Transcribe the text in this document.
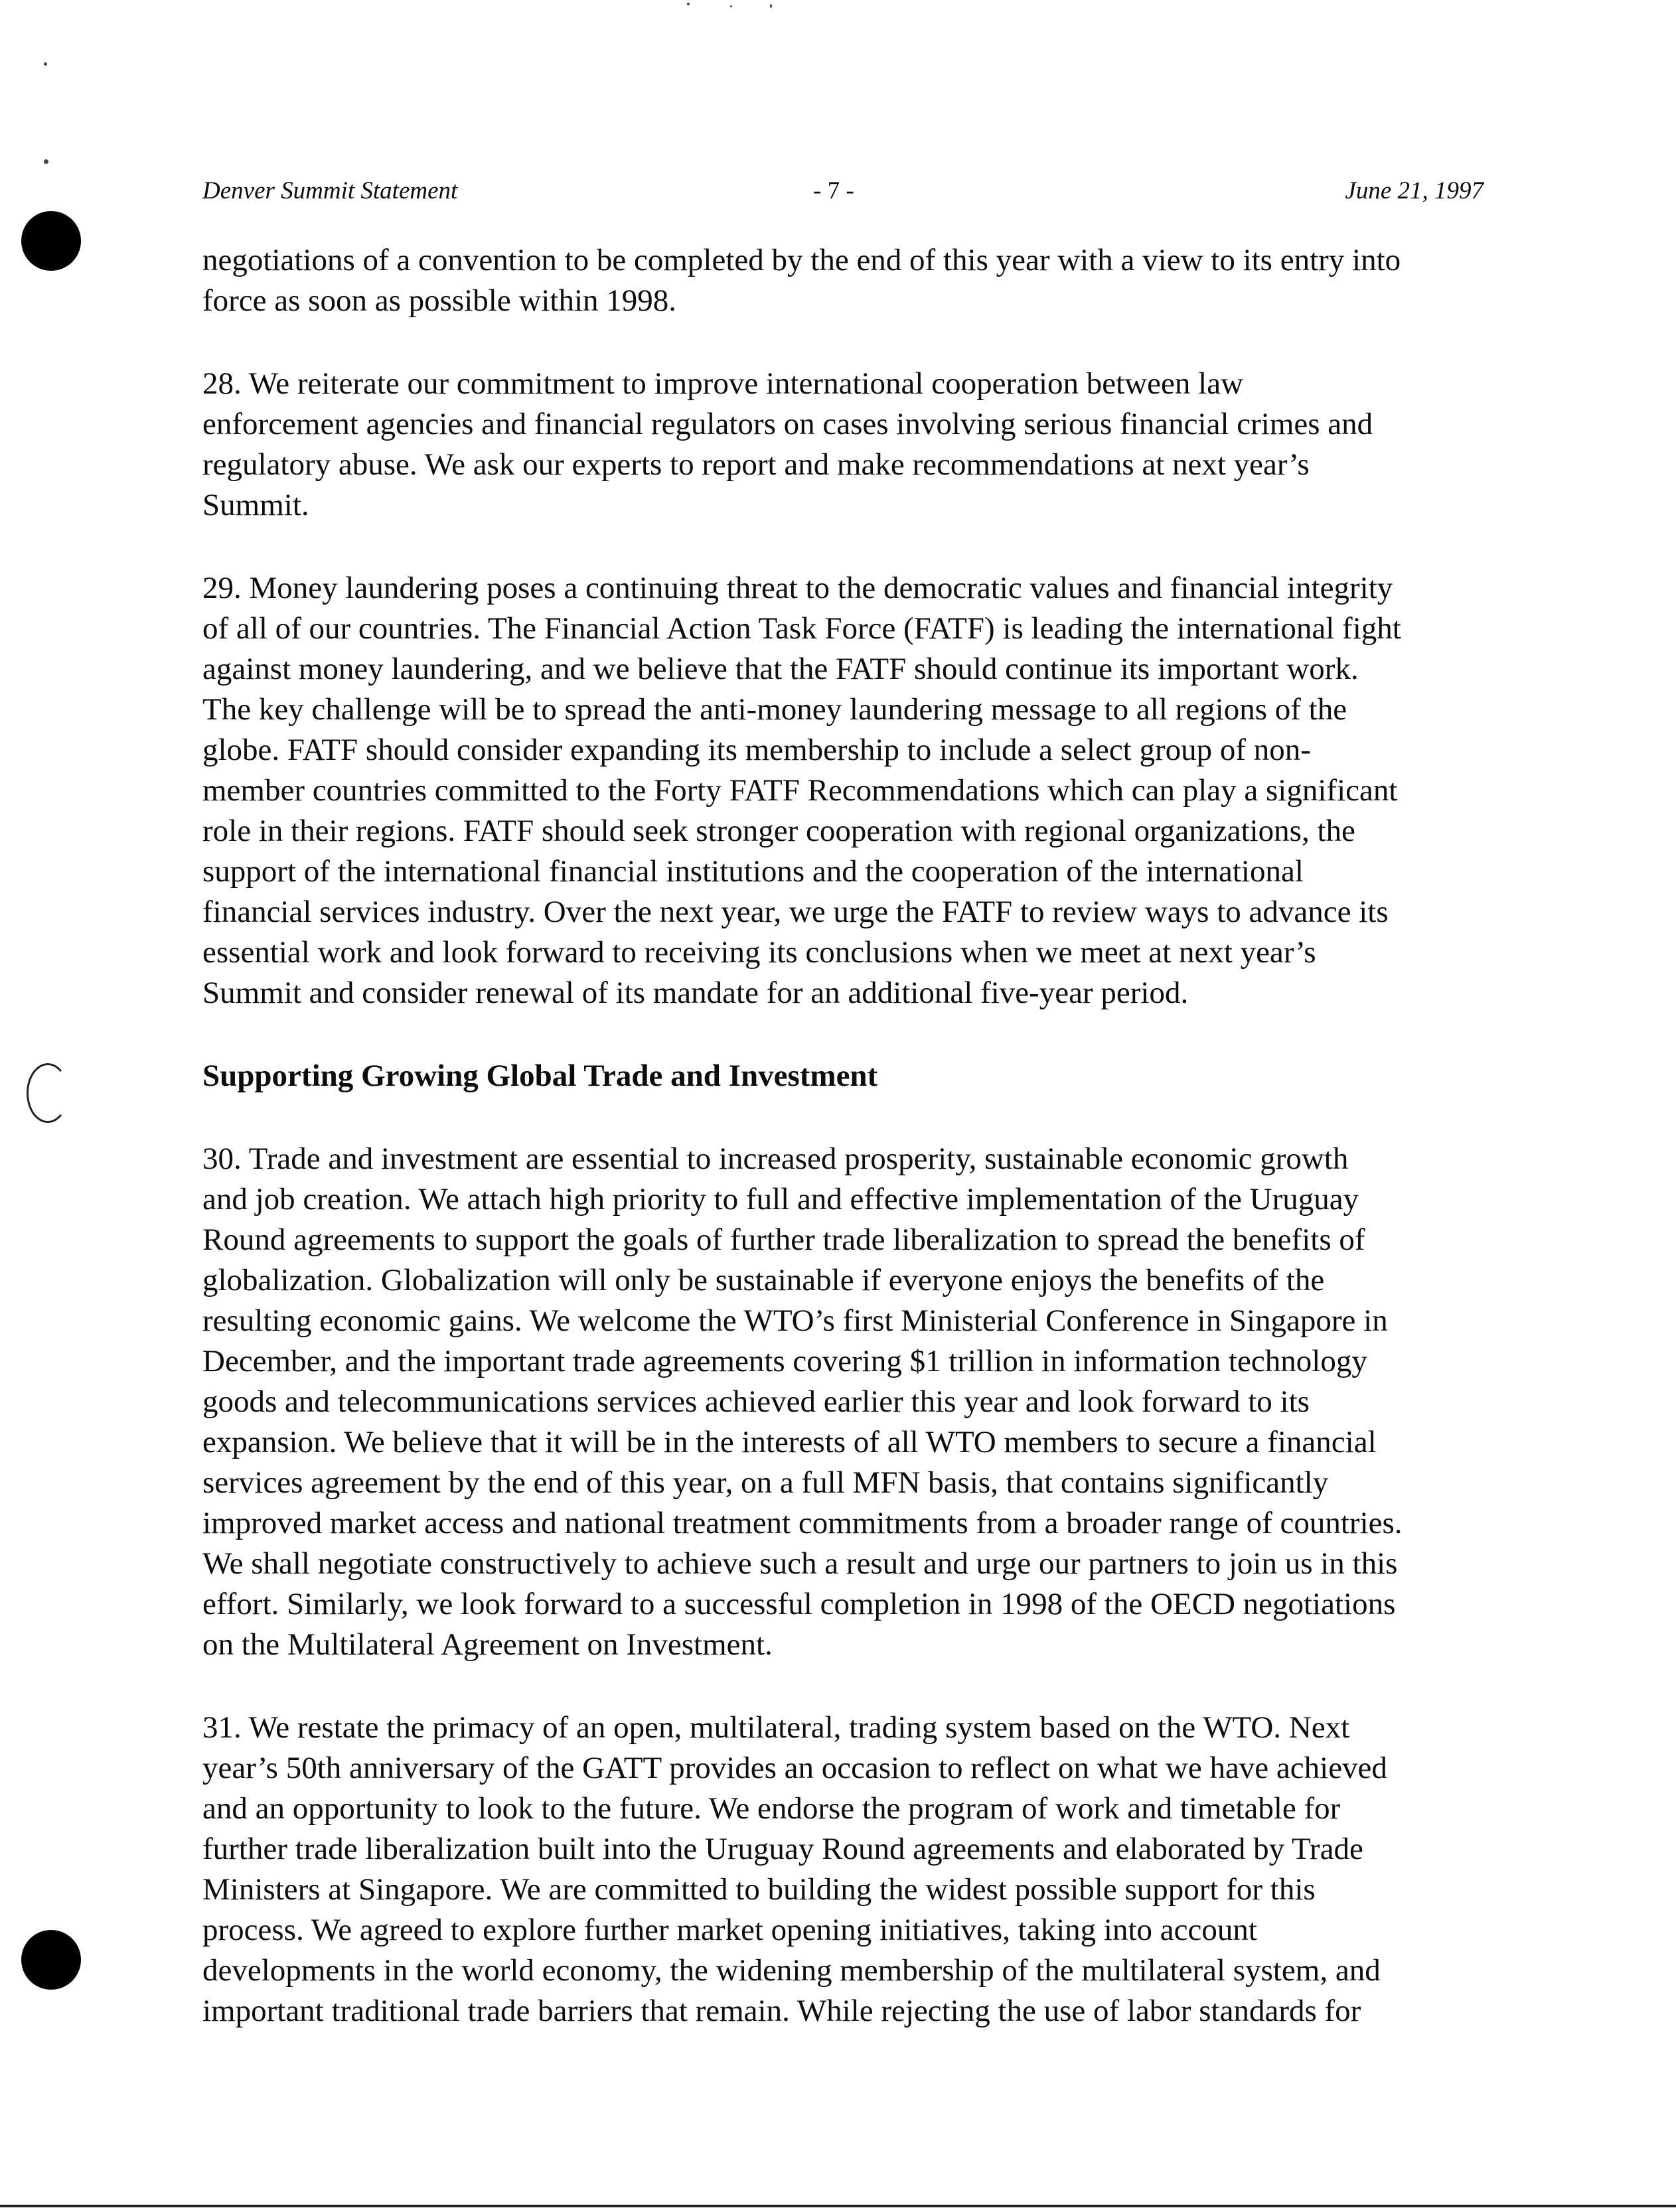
Denver Summit Statement	- 7 -	June 21, 1997

negotiations of a convention to be completed by the end of this year with a view to its entry into
force as soon as possible within 1998.

28. We reiterate our commitment to improve international cooperation between law
enforcement agencies and financial regulators on cases involving serious financial crimes and
regulatory abuse. We ask our experts to report and make recommendations at next year’s
Summit.

29. Money laundering poses a continuing threat to the democratic values and financial integrity
of all of our countries. The Financial Action Task Force (FATF) is leading the international fight
against money laundering, and we believe that the FATF should continue its important work.
The key challenge will be to spread the anti-money laundering message to all regions of the
globe. FATF should consider expanding its membership to include a select group of non-
member countries committed to the Forty FATF Recommendations which can play a significant
role in their regions. FATF should seek stronger cooperation with regional organizations, the
support of the international financial institutions and the cooperation of the international
financial services industry. Over the next year, we urge the FATF to review ways to advance its
essential work and look forward to receiving its conclusions when we meet at next year’s
Summit and consider renewal of its mandate for an additional five-year period.

Supporting Growing Global Trade and Investment

30. Trade and investment are essential to increased prosperity, sustainable economic growth
and job creation. We attach high priority to full and effective implementation of the Uruguay
Round agreements to support the goals of further trade liberalization to spread the benefits of
globalization. Globalization will only be sustainable if everyone enjoys the benefits of the
resulting economic gains. We welcome the WTO’s first Ministerial Conference in Singapore in
December, and the important trade agreements covering $1 trillion in information technology
goods and telecommunications services achieved earlier this year and look forward to its
expansion. We believe that it will be in the interests of all WTO members to secure a financial
services agreement by the end of this year, on a full MFN basis, that contains significantly
improved market access and national treatment commitments from a broader range of countries.
We shall negotiate constructively to achieve such a result and urge our partners to join us in this
effort. Similarly, we look forward to a successful completion in 1998 of the OECD negotiations
on the Multilateral Agreement on Investment.

31. We restate the primacy of an open, multilateral, trading system based on the WTO. Next
year’s 50th anniversary of the GATT provides an occasion to reflect on what we have achieved
and an opportunity to look to the future. We endorse the program of work and timetable for
further trade liberalization built into the Uruguay Round agreements and elaborated by Trade
Ministers at Singapore. We are committed to building the widest possible support for this
process. We agreed to explore further market opening initiatives, taking into account
developments in the world economy, the widening membership of the multilateral system, and
important traditional trade barriers that remain. While rejecting the use of labor standards for
